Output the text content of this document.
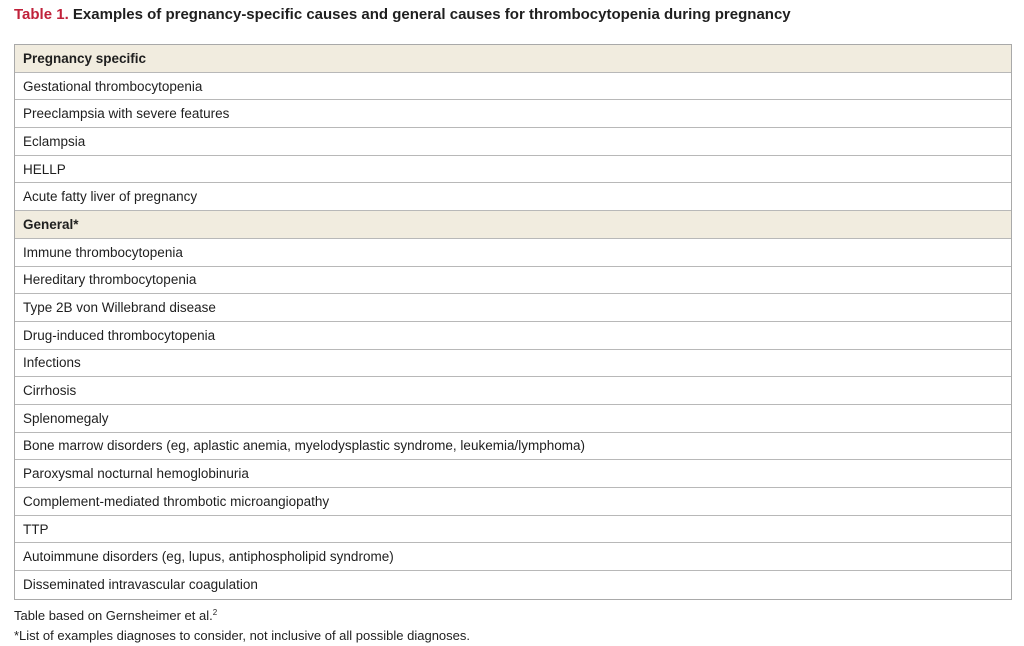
Table 1. Examples of pregnancy-specific causes and general causes for thrombocytopenia during pregnancy
Pregnancy specific
Gestational thrombocytopenia
Preeclampsia with severe features
Eclampsia
HELLP
Acute fatty liver of pregnancy
General*
Immune thrombocytopenia
Hereditary thrombocytopenia
Type 2B von Willebrand disease
Drug-induced thrombocytopenia
Infections
Cirrhosis
Splenomegaly
Bone marrow disorders (eg, aplastic anemia, myelodysplastic syndrome, leukemia/lymphoma)
Paroxysmal nocturnal hemoglobinuria
Complement-mediated thrombotic microangiopathy
TTP
Autoimmune disorders (eg, lupus, antiphospholipid syndrome)
Disseminated intravascular coagulation
Table based on Gernsheimer et al.$^2$
*List of examples diagnoses to consider, not inclusive of all possible diagnoses.
